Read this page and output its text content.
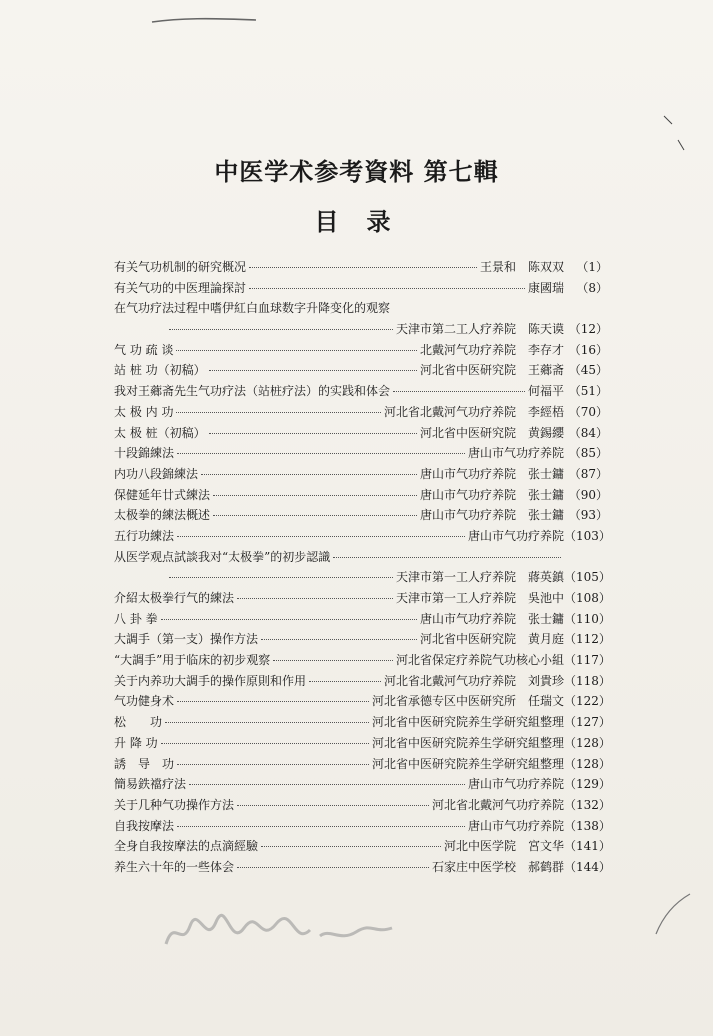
中医学术参考資料 第七輯
目录
有关气功机制的研究概况	王景和　陈双双	（1）
有关气功的中医理論探討	康國瑞	（8）
在气功疗法过程中嗜伊紅白血球数字升降变化的观察
天津市第二工人疗养院　陈天谟 （12）
气 功 疏 谈	北戴河气功疗养院　李存才 （16）
站 桩 功（初稿）	河北省中医研究院　王薌斋 （45）
我对王薌斋先生气功疗法（站桩疗法）的实践和体会	何福平 （51）
太 极 内 功	河北省北戴河气功疗养院　李經梧 （70）
太 极 桩（初稿）	河北省中医研究院　黄錫纓 （84）
十段錦練法	唐山市气功疗养院 （85）
内功八段錦練法	唐山市气功疗养院　张士鏞 （87）
保健延年廿式練法	唐山市气功疗养院　张士鏞 （90）
太极拳的練法概述	唐山市气功疗养院　张士鏞 （93）
五行功練法	唐山市气功疗养院 （103）
从医学观点試談我对“太极拳”的初步認識
天津市第一工人疗养院　蔣英鎮 （105）
介紹太极拳行气的練法	天津市第一工人疗养院　吳池中 （108）
八 卦 拳	唐山市气功疗养院　张士鏞 （110）
大調手（第一支）操作方法	河北省中医研究院　黄月庭 （112）
“大調手”用于临床的初步观察	河北省保定疗养院气功核心小組 （117）
关于内养功大調手的操作原則和作用	河北省北戴河气功疗养院　刘貴珍 （118）
气功健身术	河北省承德专区中医研究所　任瑞文 （122）
松　　功	河北省中医研究院养生学研究組整理 （127）
升 降 功	河北省中医研究院养生学研究組整理 （128）
誘　导　功	河北省中医研究院养生学研究組整理 （128）
簡易鉄襠疗法	唐山市气功疗养院 （129）
关于几种气功操作方法	河北省北戴河气功疗养院 （132）
自我按摩法	唐山市气功疗养院 （138）
全身自我按摩法的点滴經驗	河北中医学院　宮文华 （141）
养生六十年的一些体会	石家庄中医学校　郝鹤群 （144）
